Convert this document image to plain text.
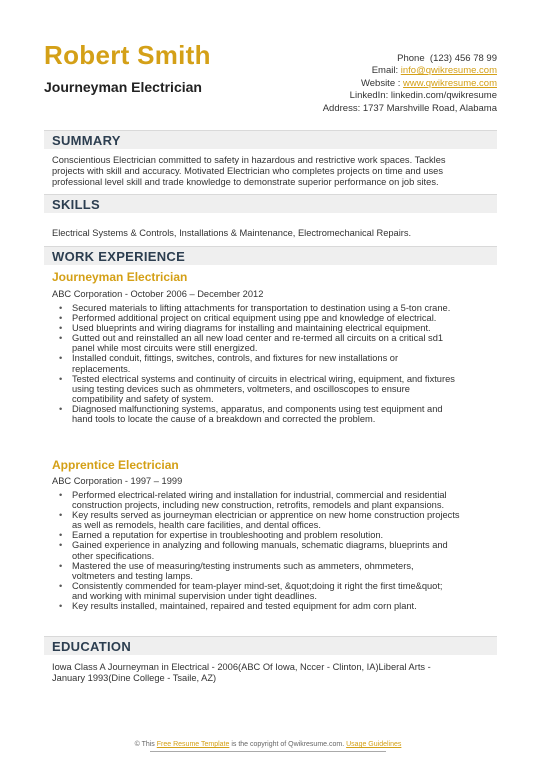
Robert Smith
Journeyman Electrician
Phone (123) 456 78 99
Email: info@qwikresume.com
Website : www.qwikresume.com
LinkedIn: linkedin.com/qwikresume
Address: 1737 Marshville Road, Alabama
SUMMARY
Conscientious Electrician committed to safety in hazardous and restrictive work spaces. Tackles
projects with skill and accuracy. Motivated Electrician who completes projects on time and uses
professional level skill and trade knowledge to demonstrate superior performance on job sites.
SKILLS
Electrical Systems & Controls, Installations & Maintenance, Electromechanical Repairs.
WORK EXPERIENCE
Journeyman Electrician
ABC Corporation - October 2006 – December 2012
• Secured materials to lifting attachments for transportation to destination using a 5-ton crane.
• Performed additional project on critical equipment using ppe and knowledge of electrical.
• Used blueprints and wiring diagrams for installing and maintaining electrical equipment.
• Gutted out and reinstalled an all new load center and re-termed all circuits on a critical sd1
panel while most circuits were still energized.
• Installed conduit, fittings, switches, controls, and fixtures for new installations or
replacements.
• Tested electrical systems and continuity of circuits in electrical wiring, equipment, and fixtures
using testing devices such as ohmmeters, voltmeters, and oscilloscopes to ensure
compatibility and safety of system.
• Diagnosed malfunctioning systems, apparatus, and components using test equipment and
hand tools to locate the cause of a breakdown and corrected the problem.
Apprentice Electrician
ABC Corporation - 1997 – 1999
• Performed electrical-related wiring and installation for industrial, commercial and residential
construction projects, including new construction, retrofits, remodels and plant expansions.
• Key results served as journeyman electrician or apprentice on new home construction projects
as well as remodels, health care facilities, and dental offices.
• Earned a reputation for expertise in troubleshooting and problem resolution.
• Gained experience in analyzing and following manuals, schematic diagrams, blueprints and
other specifications.
• Mastered the use of measuring/testing instruments such as ammeters, ohmmeters,
voltmeters and testing lamps.
• Consistently commended for team-player mind-set, &quot;doing it right the first time&quot;
and working with minimal supervision under tight deadlines.
• Key results installed, maintained, repaired and tested equipment for adm corn plant.
EDUCATION
Iowa Class A Journeyman in Electrical - 2006(ABC Of Iowa, Nccer - Clinton, IA)Liberal Arts -
January 1993(Dine College - Tsaile, AZ)
© This Free Resume Template is the copyright of Qwikresume.com. Usage Guidelines
